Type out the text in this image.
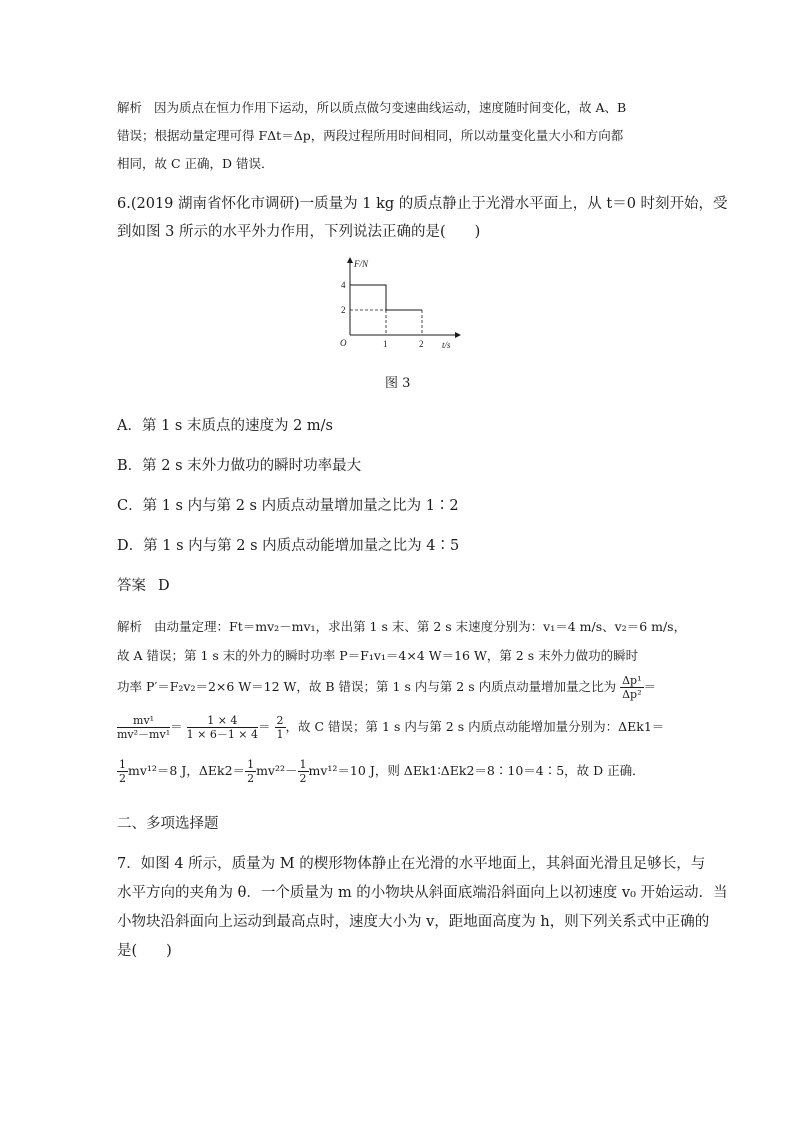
解析 因为质点在恒力作用下运动，所以质点做匀变速曲线运动，速度随时间变化，故 A、B
错误；根据动量定理可得 FΔt＝Δp，两段过程所用时间相同，所以动量变化量大小和方向都
相同，故 C 正确，D 错误．
6.(2019 湖南省怀化市调研)一质量为 1 kg 的质点静止于光滑水平面上，从 t＝0 时刻开始，受
到如图 3 所示的水平外力作用，下列说法正确的是(　　)
F/N
t/s
O
4
2
1	2
图 3
A．第 1 s 末质点的速度为 2 m/s
B．第 2 s 末外力做功的瞬时功率最大
C．第 1 s 内与第 2 s 内质点动量增加量之比为 1∶2
D．第 1 s 内与第 2 s 内质点动能增加量之比为 4∶5
答案 D
解析 由动量定理：Ft＝mv₂－mv₁，求出第 1 s 末、第 2 s 末速度分别为：v₁＝4 m/s、v₂＝6 m/s，
故 A 错误；第 1 s 末的外力的瞬时功率 P＝F₁v₁＝4×4 W＝16 W，第 2 s 末外力做功的瞬时
功率 P′＝F₂v₂＝2×6 W＝12 W，故 B 错误；第 1 s 内与第 2 s 内质点动量增加量之比为 $\frac{\text{Δp¹}}{\text{Δp²}}$ ＝
$\frac{\text{mv¹}}{\text{mv²－mv¹}} = \frac{1 \times 4}{1 \times 6-1 \times 4} = \frac{2}{1}$ ，故 C 错误；第 1 s 内与第 2 s 内质点动能增加量分别为：ΔEk1＝
$\frac{1}{2} mv^{12}=8$ J，$\Delta Ek2= \frac{1}{2} mv^{22}- \frac{1}{2} mv^{12}=10$ J，则 ΔEk1∶ΔEk2＝8∶10＝4∶5，故 D 正确．
二、多项选择题
7．如图 4 所示，质量为 M 的楔形物体静止在光滑的水平地面上，其斜面光滑且足够长，与
水平方向的夹角为 θ．一个质量为 m 的小物块从斜面底端沿斜面向上以初速度 v₀ 开始运动．当
小物块沿斜面向上运动到最高点时，速度大小为 v，距地面高度为 h，则下列关系式中正确的
是(　　)
